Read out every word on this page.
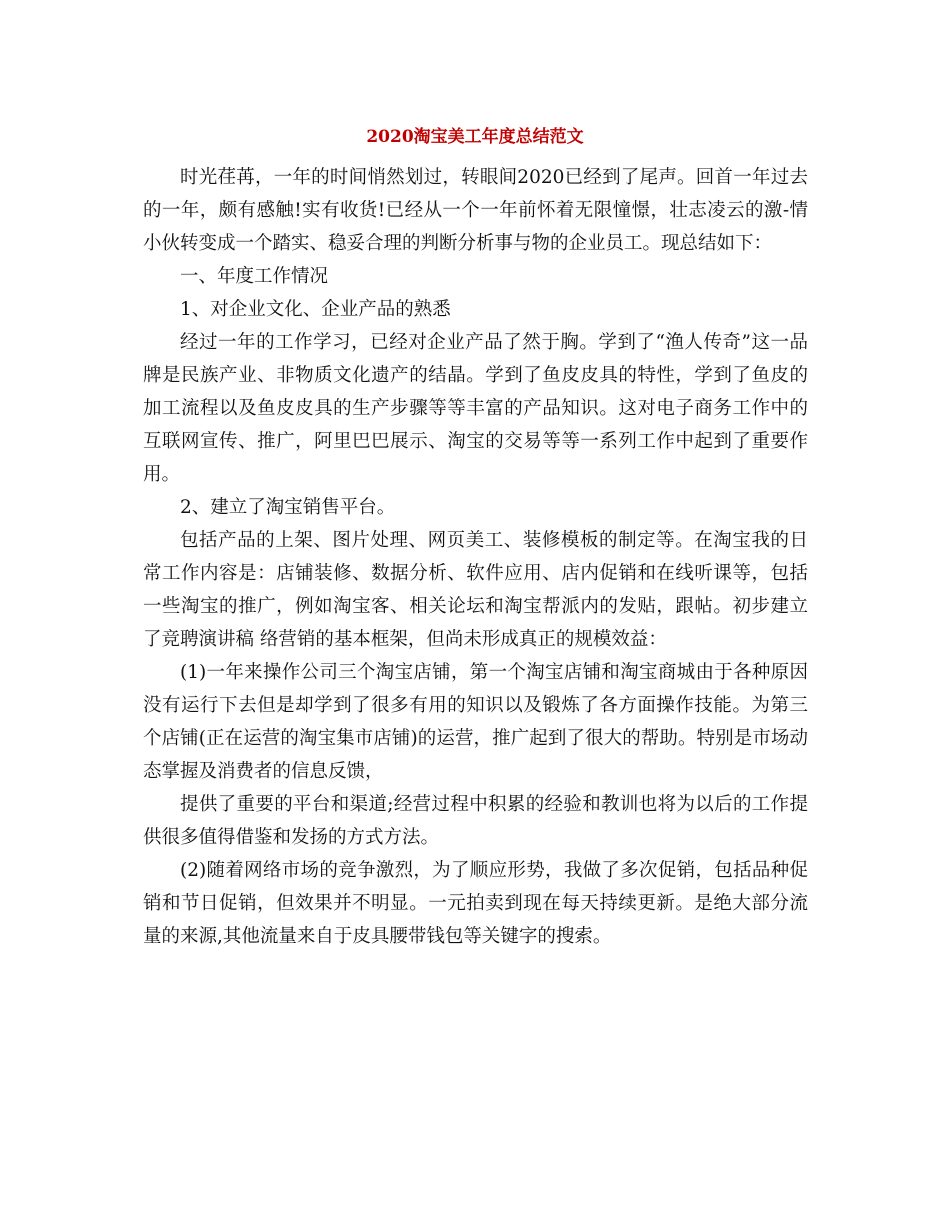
2020淘宝美工年度总结范文

时光荏苒，一年的时间悄然划过，转眼间2020已经到了尾声。回首一年过去的一年，颇有感触!实有收货!已经从一个一年前怀着无限憧憬，壮志凌云的激-情小伙转变成一个踏实、稳妥合理的判断分析事与物的企业员工。现总结如下：

一、年度工作情况

1、对企业文化、企业产品的熟悉

经过一年的工作学习，已经对企业产品了然于胸。学到了“渔人传奇”这一品牌是民族产业、非物质文化遗产的结晶。学到了鱼皮皮具的特性，学到了鱼皮的加工流程以及鱼皮皮具的生产步骤等等丰富的产品知识。这对电子商务工作中的互联网宣传、推广，阿里巴巴展示、淘宝的交易等等一系列工作中起到了重要作用。

2、建立了淘宝销售平台。

包括产品的上架、图片处理、网页美工、装修模板的制定等。在淘宝我的日常工作内容是：店铺装修、数据分析、软件应用、店内促销和在线听课等，包括一些淘宝的推广，例如淘宝客、相关论坛和淘宝帮派内的发贴，跟帖。初步建立了竞聘演讲稿 络营销的基本框架，但尚未形成真正的规模效益：

(1)一年来操作公司三个淘宝店铺，第一个淘宝店铺和淘宝商城由于各种原因没有运行下去但是却学到了很多有用的知识以及锻炼了各方面操作技能。为第三个店铺(正在运营的淘宝集市店铺)的运营，推广起到了很大的帮助。特别是市场动态掌握及消费者的信息反馈，

提供了重要的平台和渠道;经营过程中积累的经验和教训也将为以后的工作提供很多值得借鉴和发扬的方式方法。

(2)随着网络市场的竞争激烈，为了顺应形势，我做了多次促销，包括品种促销和节日促销，但效果并不明显。一元拍卖到现在每天持续更新。是绝大部分流量的来源,其他流量来自于皮具腰带钱包等关键字的搜索。
